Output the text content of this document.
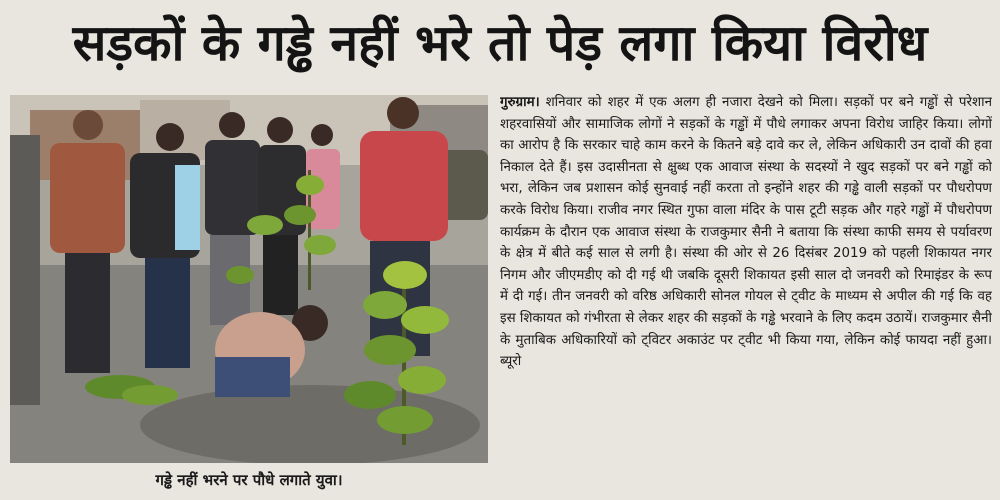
सड़कों के गड्ढे नहीं भरे तो पेड़ लगा किया विरोध
गड्ढे नहीं भरने पर पौधे लगाते युवा।
गुरुग्राम। शनिवार को शहर में एक अलग ही नजारा देखने को मिला। सड़कों पर बने गड्ढों से परेशान शहरवासियों और सामाजिक लोगों ने सड़कों के गड्ढों में पौधे लगाकर अपना विरोध जाहिर किया। लोगों का आरोप है कि सरकार चाहे काम करने के कितने बड़े दावे कर ले, लेकिन अधिकारी उन दावों की हवा निकाल देते हैं। इस उदासीनता से क्षुब्ध एक आवाज संस्था के सदस्यों ने खुद सड़कों पर बने गड्ढों को भरा, लेकिन जब प्रशासन कोई सुनवाई नहीं करता तो इन्होंने शहर की गड्ढे वाली सड़कों पर पौधरोपण करके विरोध किया। राजीव नगर स्थित गुफा वाला मंदिर के पास टूटी सड़क और गहरे गड्ढों में पौधरोपण कार्यक्रम के दौरान एक आवाज संस्था के राजकुमार सैनी ने बताया कि संस्था काफी समय से पर्यावरण के क्षेत्र में बीते कई साल से लगी है। संस्था की ओर से 26 दिसंबर 2019 को पहली शिकायत नगर निगम और जीएमडीए को दी गई थी जबकि दूसरी शिकायत इसी साल दो जनवरी को रिमाइंडर के रूप में दी गई। तीन जनवरी को वरिष्ठ अधिकारी सोनल गोयल से ट्वीट के माध्यम से अपील की गई कि वह इस शिकायत को गंभीरता से लेकर शहर की सड़कों के गड्ढे भरवाने के लिए कदम उठायें। राजकुमार सैनी के मुताबिक अधिकारियों को ट्विटर अकाउंट पर ट्वीट भी किया गया, लेकिन कोई फायदा नहीं हुआ। ब्यूरो
